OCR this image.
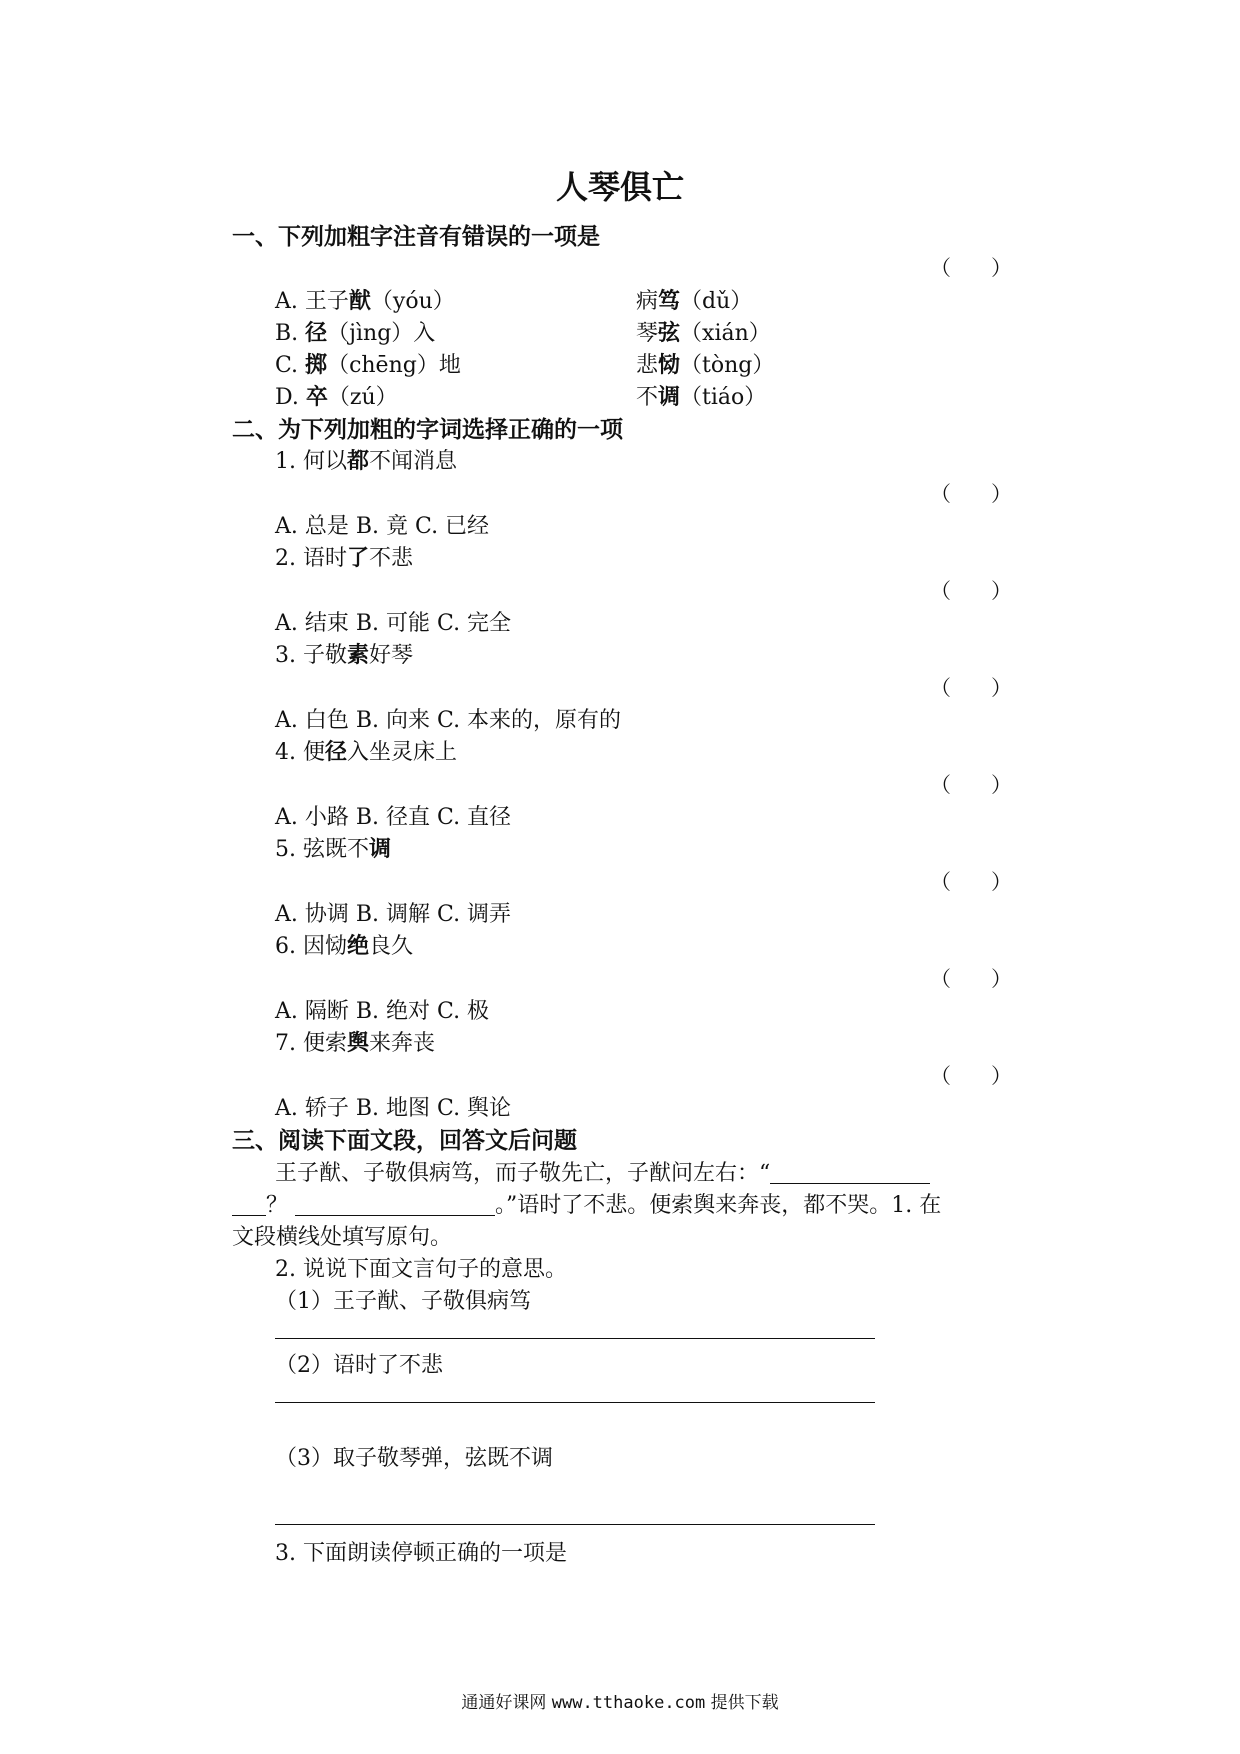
人琴俱亡
一、下列加粗字注音有错误的一项是
（ ）
A. 王子猷（yóu）	病笃（dǔ）
B. 径（jìng）入	琴弦（xián）
C. 掷（chēng）地	悲恸（tòng）
D. 卒（zú）	不调（tiáo）
二、为下列加粗的字词选择正确的一项
1. 何以都不闻消息
（ ）
A. 总是 B. 竟 C. 已经
2. 语时了不悲
（ ）
A. 结束 B. 可能 C. 完全
3. 子敬素好琴
（ ）
A. 白色 B. 向来 C. 本来的，原有的
4. 便径入坐灵床上
（ ）
A. 小路 B. 径直 C. 直径
5. 弦既不调
（ ）
A. 协调 B. 调解 C. 调弄
6. 因恸绝良久
（ ）
A. 隔断 B. 绝对 C. 极
7. 便索舆来奔丧
（ ）
A. 轿子 B. 地图 C. 舆论
三、阅读下面文段，回答文后问题
王子猷、子敬俱病笃，而子敬先亡，子猷问左右：“
？	。”语时了不悲。便索舆来奔丧，都不哭。1. 在
文段横线处填写原句。
2. 说说下面文言句子的意思。
（1）王子猷、子敬俱病笃
（2）语时了不悲
（3）取子敬琴弹，弦既不调
3. 下面朗读停顿正确的一项是
通通好课网 www.tthaoke.com 提供下载
